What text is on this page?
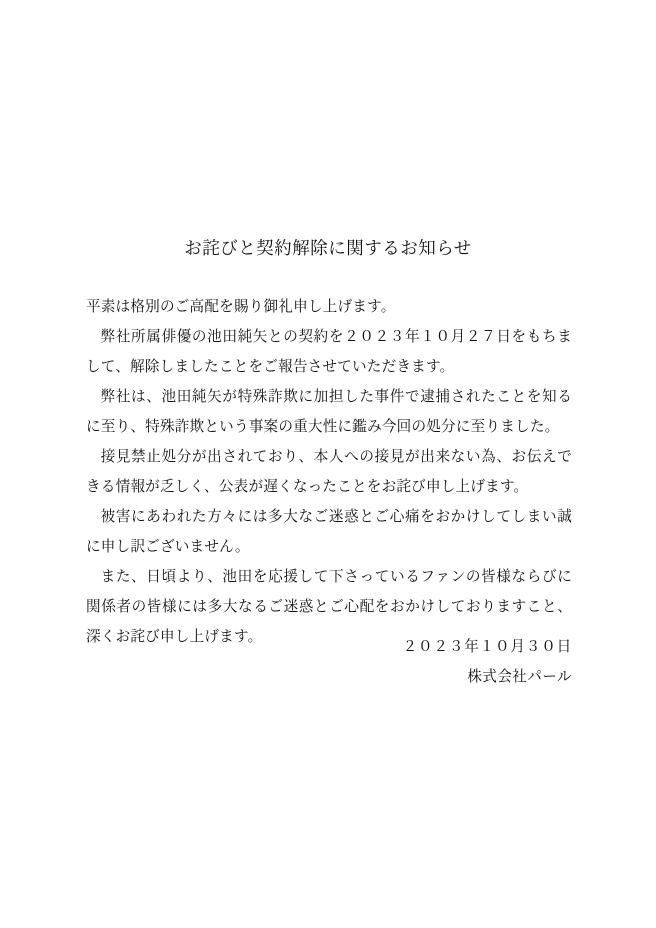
お詫びと契約解除に関するお知らせ

平素は格別のご高配を賜り御礼申し上げます。

弊社所属俳優の池田純矢との契約を２０２３年１０月２７日をもちまして、解除しましたことをご報告させていただきます。

弊社は、池田純矢が特殊詐欺に加担した事件で逮捕されたことを知るに至り、特殊詐欺という事案の重大性に鑑み今回の処分に至りました。

接見禁止処分が出されており、本人への接見が出来ない為、お伝えできる情報が乏しく、公表が遅くなったことをお詫び申し上げます。

被害にあわれた方々には多大なご迷惑とご心痛をおかけしてしまい誠に申し訳ございません。

また、日頃より、池田を応援して下さっているファンの皆様ならびに関係者の皆様には多大なるご迷惑とご心配をおかけしておりますこと、深くお詫び申し上げます。

２０２３年１０月３０日
株式会社パール
